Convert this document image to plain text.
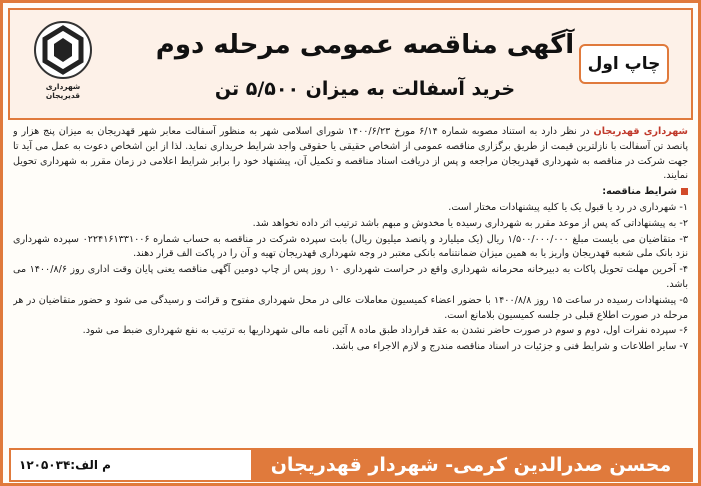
شهرداری قدیریجان
آگهی مناقصه عمومی مرحله دوم
خرید آسفالت به میزان ۵/۵۰۰ تن
چاپ اول

شهرداری قهدریجان در نظر دارد به استناد مصوبه شماره ۶/۱۴ مورخ ۱۴۰۰/۶/۲۳ شورای اسلامی شهر به منظور آسفالت معابر شهر قهدریجان به میزان پنج هزار و پانصد تن آسفالت با نازلترین قیمت از طریق برگزاری مناقصه عمومی از اشخاص حقیقی یا حقوقی واجد شرایط خریداری نماید. لذا از این اشخاص دعوت به عمل می آید تا جهت شرکت در مناقصه به شهرداری قهدریجان مراجعه و پس از دریافت اسناد مناقصه و تکمیل آن، پیشنهاد خود را برابر شرایط اعلامی در زمان مقرر به شهرداری تحویل نمایند.

شرایط مناقصه:

۱- شهرداری در رد یا قبول یک یا کلیه پیشنهادات مختار است.

۲- به پیشنهاداتی که پس از موعد مقرر به شهرداری رسیده یا مخدوش و مبهم باشد ترتیب اثر داده نخواهد شد.

۳- متقاضیان می بایست مبلغ ۱/۵۰۰/۰۰۰/۰۰۰ ریال (یک میلیارد و پانصد میلیون ریال) بابت سپرده شرکت در مناقصه به حساب شماره ۰۲۲۴۱۶۱۳۳۱۰۰۶ سپرده شهرداری نزد بانک ملی شعبه قهدریجان واریز یا به همین میزان ضمانتنامه بانکی معتبر در وجه شهرداری قهدریجان تهیه و آن را در پاکت الف قرار دهند.

۴- آخرین مهلت تحویل پاکات به دبیرخانه محرمانه شهرداری واقع در حراست شهرداری ۱۰ روز پس از چاپ دومین آگهی مناقصه یعنی پایان وقت اداری روز ۱۴۰۰/۸/۶ می باشد.

۵- پیشنهادات رسیده در ساعت ۱۵ روز ۱۴۰۰/۸/۸ با حضور اعضاء کمیسیون معاملات عالی در محل شهرداری مفتوح و قرائت و رسیدگی می شود و حضور متقاضیان در هر مرحله در صورت اطلاع قبلی در جلسه کمیسیون بلامانع است.

۶- سپرده نفرات اول، دوم و سوم در صورت حاضر نشدن به عقد قرارداد طبق ماده ۸ آئین نامه مالی شهرداریها به ترتیب به نفع شهرداری ضبط می شود.

۷- سایر اطلاعات و شرایط فنی و جزئیات در اسناد مناقصه مندرج و لازم الاجراء می باشد.

محسن صدرالدین کرمی- شهردار قهدریجان
م الف:۱۲۰۵۰۳۴
